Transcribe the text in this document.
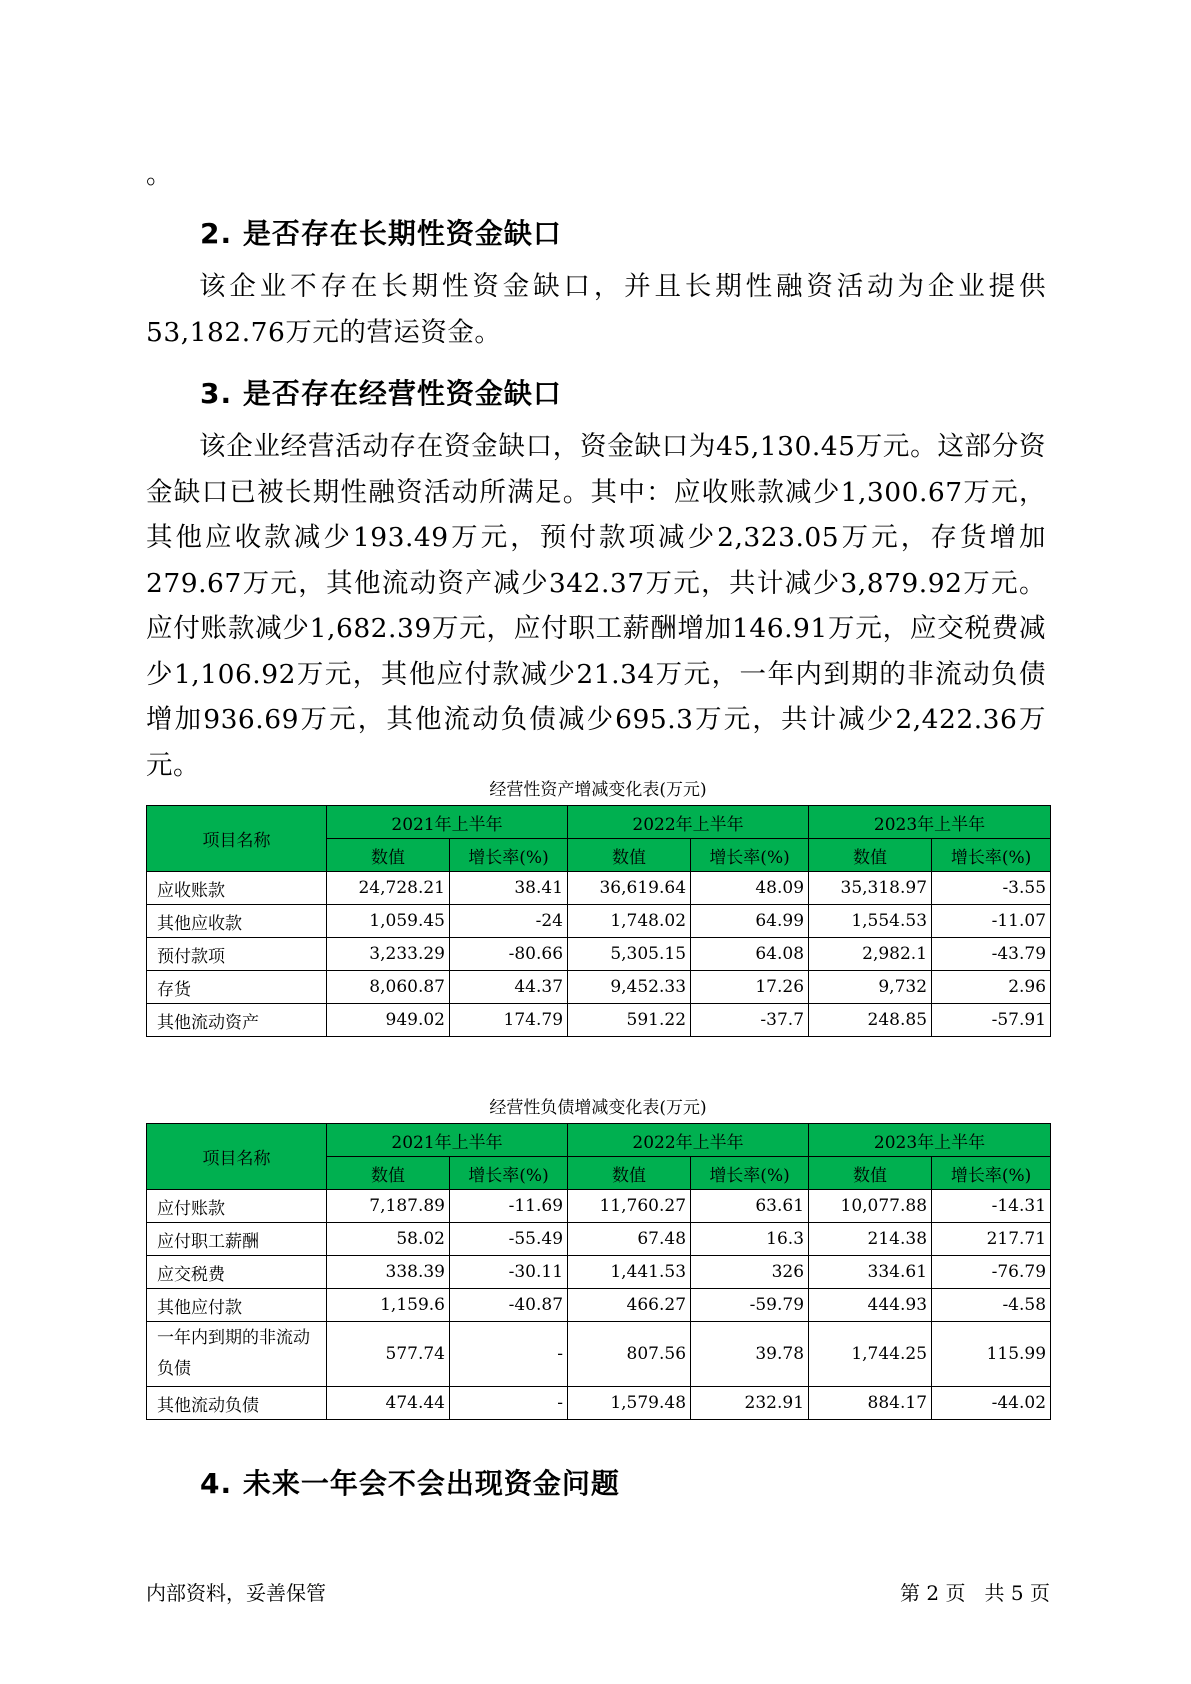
。
2. 是否存在长期性资金缺口

该企业不存在长期性资金缺口，并且长期性融资活动为企业提供53,182.76万元的营运资金。

3. 是否存在经营性资金缺口

该企业经营活动存在资金缺口，资金缺口为45,130.45万元。这部分资金缺口已被长期性融资活动所满足。其中：应收账款减少1,300.67万元，其他应收款减少193.49万元，预付款项减少2,323.05万元，存货增加279.67万元，其他流动资产减少342.37万元，共计减少3,879.92万元。应付账款减少1,682.39万元，应付职工薪酬增加146.91万元，应交税费减少1,106.92万元，其他应付款减少21.34万元，一年内到期的非流动负债增加936.69万元，其他流动负债减少695.3万元，共计减少2,422.36万元。

经营性资产增减变化表(万元)
项目名称	2021年上半年		2022年上半年		2023年上半年	
	数值	增长率(%)	数值	增长率(%)	数值	增长率(%)
应收账款	24,728.21	38.41	36,619.64	48.09	35,318.97	-3.55
其他应收款	1,059.45	-24	1,748.02	64.99	1,554.53	-11.07
预付款项	3,233.29	-80.66	5,305.15	64.08	2,982.1	-43.79
存货	8,060.87	44.37	9,452.33	17.26	9,732	2.96
其他流动资产	949.02	174.79	591.22	-37.7	248.85	-57.91
经营性负债增减变化表(万元)
项目名称	2021年上半年		2022年上半年		2023年上半年	
	数值	增长率(%)	数值	增长率(%)	数值	增长率(%)
应付账款	7,187.89	-11.69	11,760.27	63.61	10,077.88	-14.31
应付职工薪酬	58.02	-55.49	67.48	16.3	214.38	217.71
应交税费	338.39	-30.11	1,441.53	326	334.61	-76.79
其他应付款	1,159.6	-40.87	466.27	-59.79	444.93	-4.58
一年内到期的非流动负债	577.74	-	807.56	39.78	1,744.25	115.99
其他流动负债	474.44	-	1,579.48	232.91	884.17	-44.02
4. 未来一年会不会出现资金问题
内部资料，妥善保管	第 2 页   共 5 页
